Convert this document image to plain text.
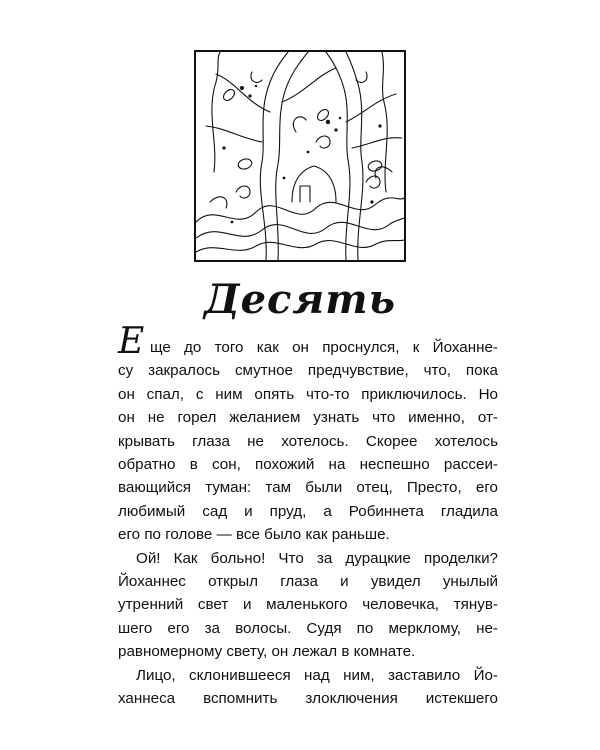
Десять
Е ще до того как он проснулся, к Йоханне-
су закралось смутное предчувствие, что, пока
он спал, с ним опять что-то приключилось. Но
он не горел желанием узнать что именно, от-
крывать глаза не хотелось. Скорее хотелось
обратно в сон, похожий на неспешно рассеи-
вающийся туман: там были отец, Престо, его
любимый сад и пруд, а Робиннета гладила
его по голове — все было как раньше.
Ой! Как больно! Что за дурацкие проделки?
Йоханнес открыл глаза и увидел унылый
утренний свет и маленького человечка, тянув-
шего его за волосы. Судя по мерклому, не-
равномерному свету, он лежал в комнате.
Лицо, склонившееся над ним, заставило Йо-
ханнеса вспомнить злоключения истекшего
